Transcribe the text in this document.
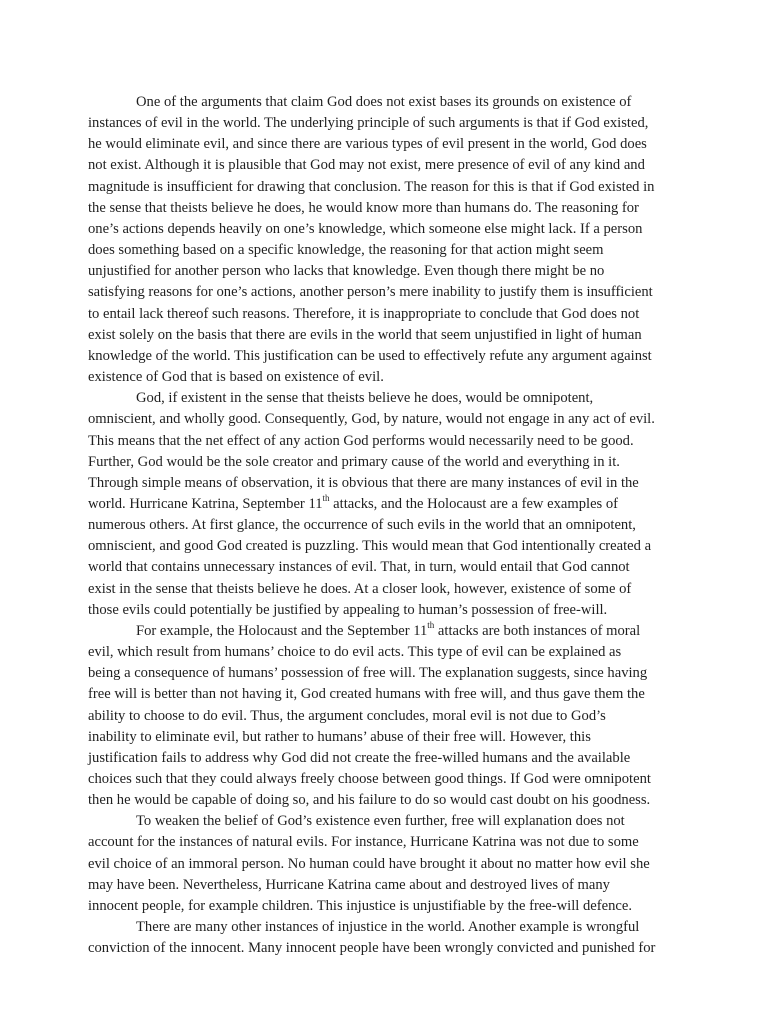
One of the arguments that claim God does not exist bases its grounds on existence of
instances of evil in the world. The underlying principle of such arguments is that if God existed,
he would eliminate evil, and since there are various types of evil present in the world, God does
not exist. Although it is plausible that God may not exist, mere presence of evil of any kind and
magnitude is insufficient for drawing that conclusion. The reason for this is that if God existed in
the sense that theists believe he does, he would know more than humans do. The reasoning for
one’s actions depends heavily on one’s knowledge, which someone else might lack. If a person
does something based on a specific knowledge, the reasoning for that action might seem
unjustified for another person who lacks that knowledge. Even though there might be no
satisfying reasons for one’s actions, another person’s mere inability to justify them is insufficient
to entail lack thereof such reasons. Therefore, it is inappropriate to conclude that God does not
exist solely on the basis that there are evils in the world that seem unjustified in light of human
knowledge of the world. This justification can be used to effectively refute any argument against
existence of God that is based on existence of evil.
God, if existent in the sense that theists believe he does, would be omnipotent,
omniscient, and wholly good. Consequently, God, by nature, would not engage in any act of evil.
This means that the net effect of any action God performs would necessarily need to be good.
Further, God would be the sole creator and primary cause of the world and everything in it.
Through simple means of observation, it is obvious that there are many instances of evil in the
world. Hurricane Katrina, September 11th attacks, and the Holocaust are a few examples of
numerous others. At first glance, the occurrence of such evils in the world that an omnipotent,
omniscient, and good God created is puzzling. This would mean that God intentionally created a
world that contains unnecessary instances of evil. That, in turn, would entail that God cannot
exist in the sense that theists believe he does. At a closer look, however, existence of some of
those evils could potentially be justified by appealing to human’s possession of free-will.
For example, the Holocaust and the September 11th attacks are both instances of moral
evil, which result from humans’ choice to do evil acts. This type of evil can be explained as
being a consequence of humans’ possession of free will. The explanation suggests, since having
free will is better than not having it, God created humans with free will, and thus gave them the
ability to choose to do evil. Thus, the argument concludes, moral evil is not due to God’s
inability to eliminate evil, but rather to humans’ abuse of their free will. However, this
justification fails to address why God did not create the free-willed humans and the available
choices such that they could always freely choose between good things. If God were omnipotent
then he would be capable of doing so, and his failure to do so would cast doubt on his goodness.
To weaken the belief of God’s existence even further, free will explanation does not
account for the instances of natural evils. For instance, Hurricane Katrina was not due to some
evil choice of an immoral person. No human could have brought it about no matter how evil she
may have been. Nevertheless, Hurricane Katrina came about and destroyed lives of many
innocent people, for example children. This injustice is unjustifiable by the free-will defence.
There are many other instances of injustice in the world. Another example is wrongful
conviction of the innocent. Many innocent people have been wrongly convicted and punished for
